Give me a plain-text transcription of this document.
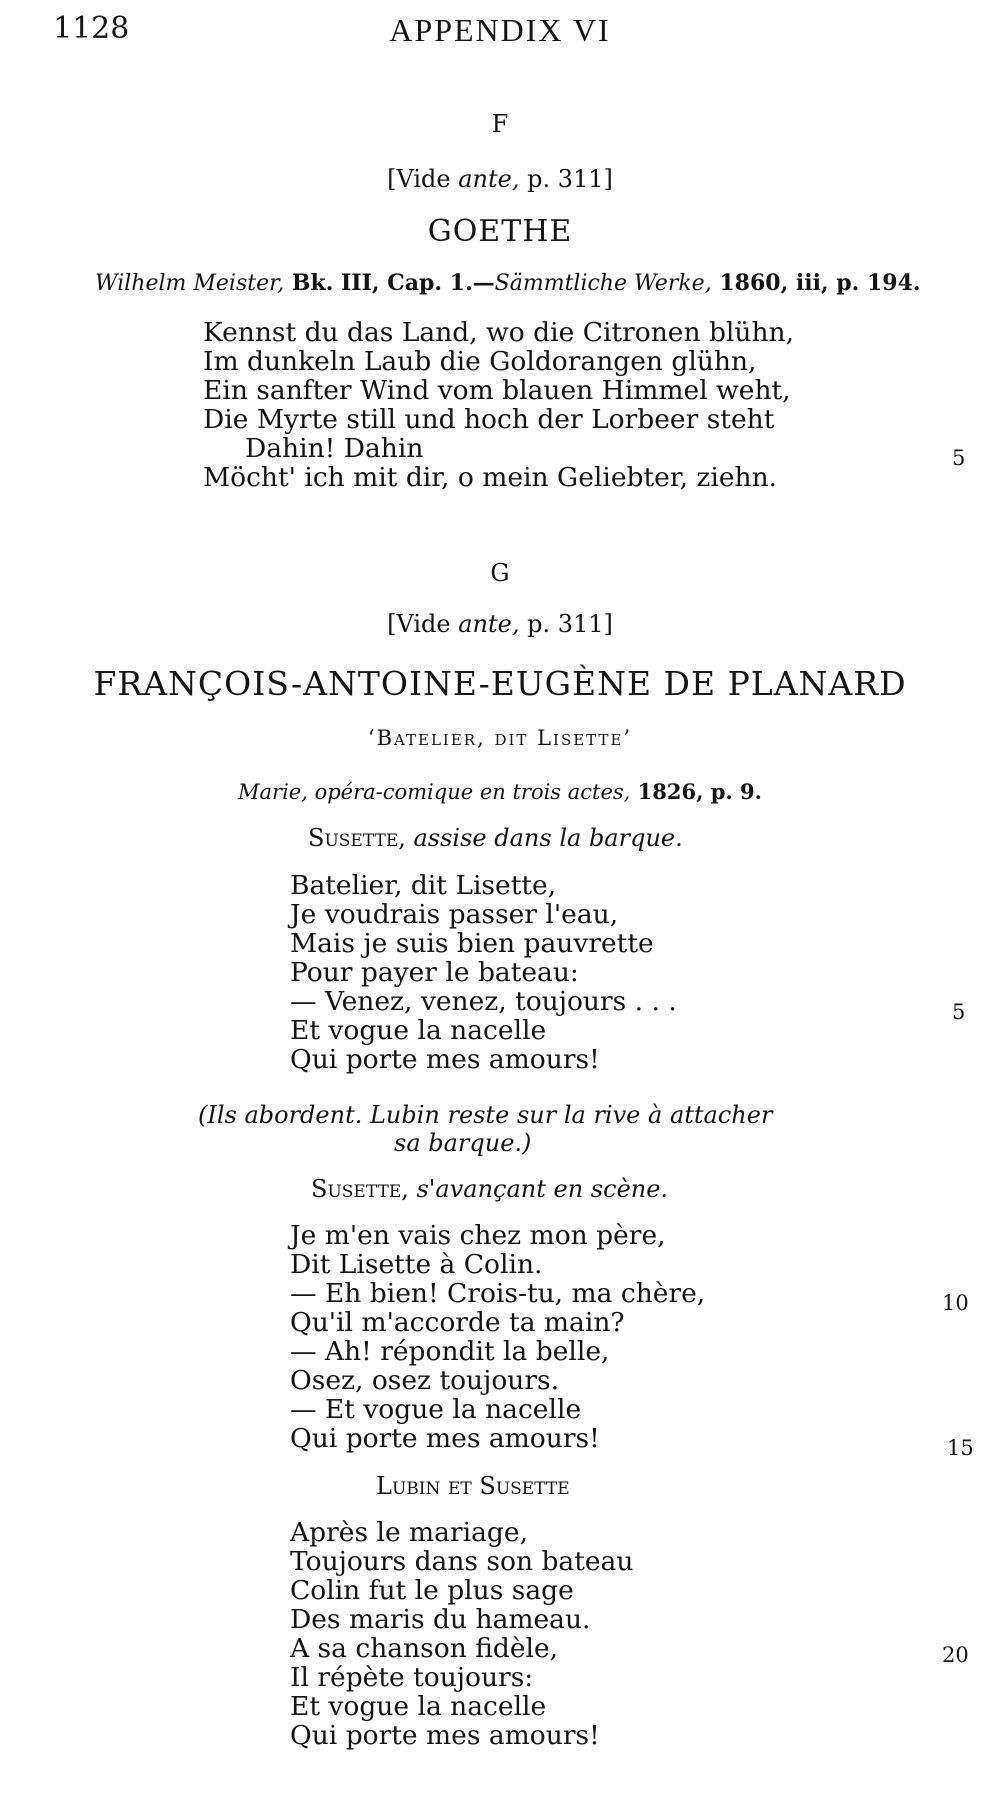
1128	APPENDIX VI

F

[Vide ante, p. 311]

GOETHE

Wilhelm Meister, Bk. III, Cap. 1.—Sämmtliche Werke, 1860, iii, p. 194.

Kennst du das Land, wo die Citronen blühn,
Im dunkeln Laub die Goldorangen glühn,
Ein sanfter Wind vom blauen Himmel weht,
Die Myrte still und hoch der Lorbeer steht
Dahin! Dahin
Möcht' ich mit dir, o mein Geliebter, ziehn.

5

G

[Vide ante, p. 311]

FRANÇOIS-ANTOINE-EUGÈNE DE PLANARD

‘Batelier, dit Lisette’

Marie, opéra-comique en trois actes, 1826, p. 9.

Susette, assise dans la barque.

Batelier, dit Lisette,
Je voudrais passer l'eau,
Mais je suis bien pauvrette
Pour payer le bateau:
— Venez, venez, toujours . . .
Et vogue la nacelle
Qui porte mes amours!

5

(Ils abordent. Lubin reste sur la rive à attacher

sa barque.)

Susette, s'avançant en scène.

Je m'en vais chez mon père,
Dit Lisette à Colin.
— Eh bien! Crois-tu, ma chère,
Qu'il m'accorde ta main?
— Ah! répondit la belle,
Osez, osez toujours.
— Et vogue la nacelle
Qui porte mes amours!

10

15

Lubin et Susette

Après le mariage,
Toujours dans son bateau
Colin fut le plus sage
Des maris du hameau.
A sa chanson fidèle,
Il répète toujours:
Et vogue la nacelle
Qui porte mes amours!

20
